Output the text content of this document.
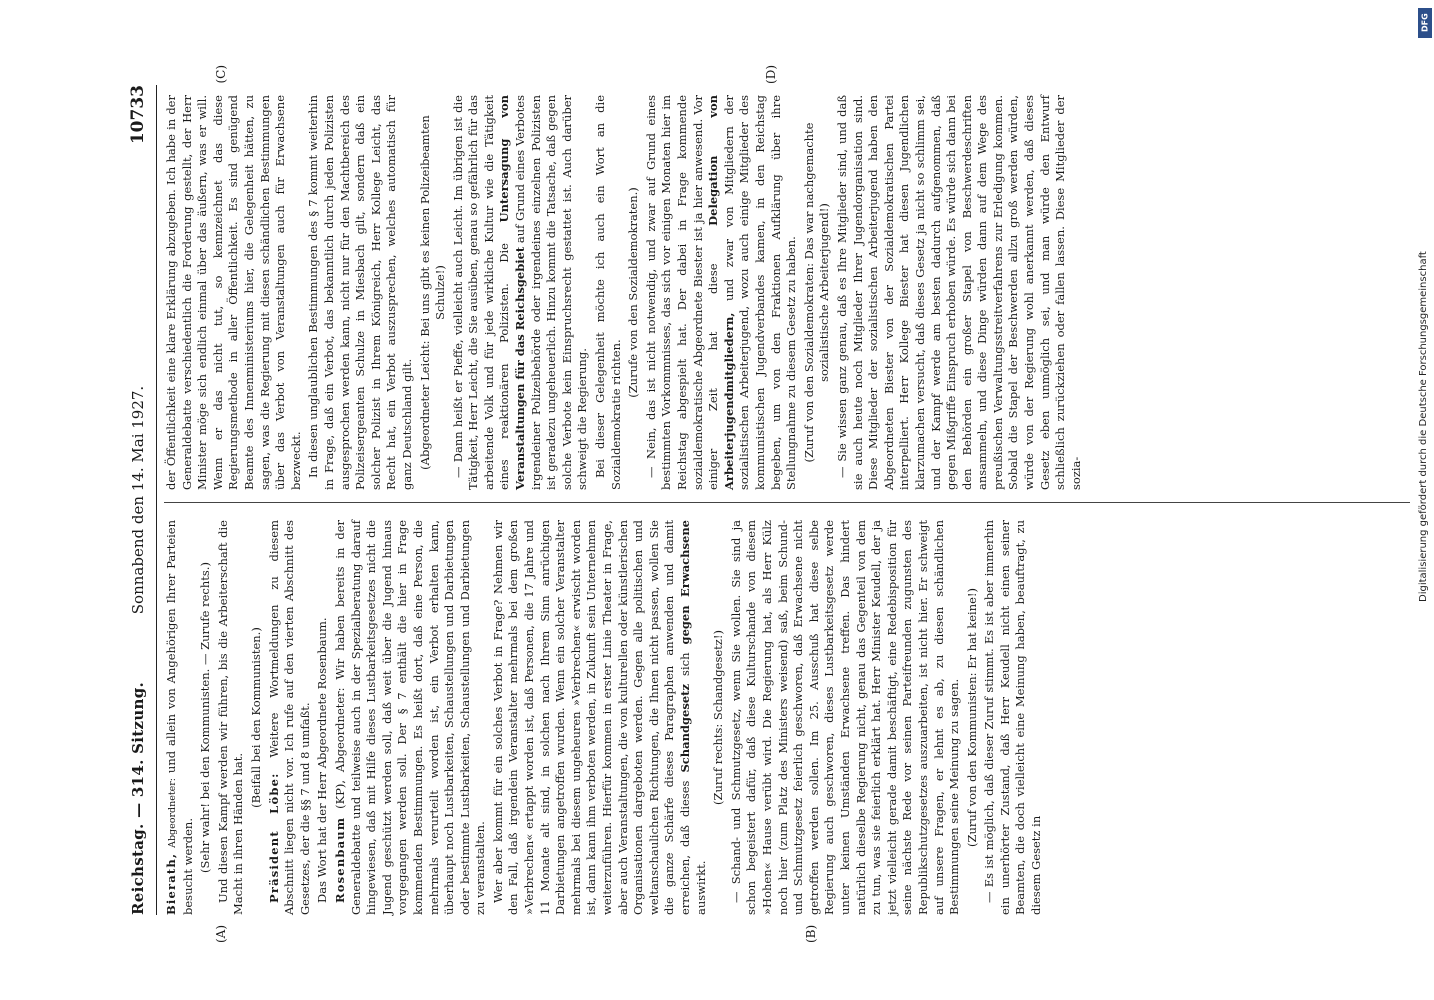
Reichstag. — 314. Sitzung.
Sonnabend den 14. Mai 1927.
10733
(A)	(B)

Bierath, Abgeordneter: und allein von Angehörigen Ihrer Parteien besucht werden. (Sehr wahr! bei den Kommunisten. — Zurufe rechts.) Und diesen Kampf werden wir führen, bis die Arbeiterschaft die Macht in ihren Händen hat.

(Beifall bei den Kommunisten.)

Präsident Löbe: Weitere Wortmeldungen zu diesem Abschnitt liegen nicht vor. Ich rufe auf den vierten Abschnitt des Gesetzes, der die §§ 7 und 8 umfaßt. Das Wort hat der Herr Abgeordnete Rosenbaum. Rosenbaum (KP), Abgeordneter: Wir haben bereits in der Generaldebatte und teilweise auch in der Spezialberatung darauf hingewiesen, daß mit Hilfe dieses Lustbarkeitsgesetzes nicht die Jugend geschützt werden soll, daß weit über die Jugend hinaus vorgegangen werden soll. Der § 7 enthält die hier in Frage kommenden Bestimmungen. Es heißt dort, daß eine Person, die mehrmals verurteilt worden ist, ein Verbot erhalten kann, überhaupt noch Lustbarkeiten, Schaustellungen und Darbietungen oder bestimmte Lustbarkeiten, Schaustellungen und Darbietungen zu veranstalten. Wer aber kommt für ein solches Verbot in Frage? Nehmen wir den Fall, daß irgendein Veranstalter mehrmals bei dem großen »Verbrechen« ertappt worden ist, daß Personen, die 17 Jahre und 11 Monate alt sind, in solchen nach Ihrem Sinn anrüchigen Darbietungen angetroffen wurden. Wenn ein solcher Veranstalter mehrmals bei diesem ungeheuren »Verbrechen« erwischt worden ist, dann kann ihm verboten werden, in Zukunft sein Unternehmen weiterzuführen. Hierfür kommen in erster Linie Theater in Frage, aber auch Veranstaltungen, die von kulturellen oder künstlerischen Organisationen dargeboten werden. Gegen alle politischen und weltanschaulichen Richtungen, die Ihnen nicht passen, wollen Sie die ganze Schärfe dieses Paragraphen anwenden und damit erreichen, daß dieses Schandgesetz sich gegen Erwachsene auswirkt.

(Zuruf rechts: Schandgesetz!) — Schand- und Schmutzgesetz, wenn Sie wollen. Sie sind ja schon begeistert dafür, daß diese Kulturschande von diesem »Hohen« Hause verübt wird. Die Regierung hat, als Herr Külz noch hier (zum Platz des Ministers weisend) saß, beim Schund- und Schmutzgesetz feierlich geschworen, daß Erwachsene nicht getroffen werden sollen. Im 25. Ausschuß hat diese selbe Regierung auch geschworen, dieses Lustbarkeitsgesetz werde unter keinen Umständen Erwachsene treffen. Das hindert natürlich dieselbe Regierung nicht, genau das Gegenteil von dem zu tun, was sie feierlich erklärt hat. Herr Minister Keudell, der ja jetzt vielleicht gerade damit beschäftigt, eine Redebisposition für seine nächste Rede vor seinen Parteifreunden zugunsten des Republikschutzgesetzes auszuarbeiten, ist nicht hier. Er schweigt auf unsere Fragen, er lehnt es ab, zu diesen schändlichen Bestimmungen seine Meinung zu sagen. (Zuruf von den Kommunisten: Er hat keine!) — Es ist möglich, daß dieser Zuruf stimmt. Es ist aber immerhin ein unerhörter Zustand, daß Herr Keudell nicht einen seiner Beamten, die doch vielleicht eine Meinung haben, beauftragt, zu diesem Gesetz in

(C)	(D)

der Öffentlichkeit eine klare Erklärung abzugeben. Ich habe in der Generaldebatte verschiedentlich die Forderung gestellt, der Herr Minister möge sich endlich einmal über das äußern, was er will. Wenn er das nicht tut, so kennzeichnet das diese Regierungsmethode in aller Öffentlichkeit. Es sind genügend Beamte des Innenministeriums hier, die Gelegenheit hätten, zu sagen, was die Regierung mit diesen schändlichen Bestimmungen über das Verbot von Veranstaltungen auch für Erwachsene bezweckt. In diesen unglaublichen Bestimmungen des § 7 kommt weiterhin in Frage, daß ein Verbot, das bekanntlich durch jeden Polizisten ausgesprochen werden kann, nicht nur für den Machtbereich des Polizeisergeanten Schulze in Miesbach gilt, sondern daß ein solcher Polizist in Ihrem Königreich, Herr Kollege Leicht, das Recht hat, ein Verbot auszusprechen, welches automatisch für ganz Deutschland gilt. (Abgeordneter Leicht: Bei uns gibt es keinen Polizeibeamten Schulze!) — Dann heißt er Pieffe, vielleicht auch Leicht. Im übrigen ist die Tätigkeit, Herr Leicht, die Sie ausüben, genau so gefährlich für das arbeitende Volk und für jede wirkliche Kultur wie die Tätigkeit eines reaktionären Polizisten. Die Untersagung von Veranstaltungen für das Reichsgebiet auf Grund eines Verbotes irgendeiner Polizeibehörde oder irgendeines einzelnen Polizisten ist geradezu ungeheuerlich. Hinzu kommt die Tatsache, daß gegen solche Verbote kein Einspruchsrecht gestattet ist. Auch darüber schweigt die Regierung. Bei dieser Gelegenheit möchte ich auch ein Wort an die Sozialdemokratie richten.

(Zurufe von den Sozialdemokraten.) — Nein, das ist nicht notwendig, und zwar auf Grund eines bestimmten Vorkommnisses, das sich vor einigen Monaten hier im Reichstag abgespielt hat. Der dabei in Frage kommende sozialdemokratische Abgeordnete Biester ist ja hier anwesend. Vor einiger Zeit hat diese Delegation von Arbeiterjugendmitgliedern, und zwar von Mitgliedern der sozialistischen Arbeiterjugend, wozu auch einige Mitglieder des kommunistischen Jugendverbandes kamen, in den Reichstag begeben, um von den Fraktionen Aufklärung über ihre Stellungnahme zu diesem Gesetz zu haben. (Zuruf von den Sozialdemokraten: Das war nachgemachte sozialistische Arbeiterjugend!) — Sie wissen ganz genau, daß es Ihre Mitglieder sind, und daß sie auch heute noch Mitglieder Ihrer Jugendorganisation sind. Diese Mitglieder der sozialistischen Arbeiterjugend haben den Abgeordneten Biester von der Sozialdemokratischen Partei interpelliert. Herr Kollege Biester hat diesen Jugendlichen klarzumachen versucht, daß dieses Gesetz ja nicht so schlimm sei, und der Kampf werde am besten dadurch aufgenommen, daß gegen Mißgriffe Einspruch erhoben würde. Es würde sich dann bei den Behörden ein großer Stapel von Beschwerdeschriften ansammeln, und diese Dinge würden dann auf dem Wege des preußischen Verwaltungsstreitverfahrens zur Erledigung kommen. Sobald die Stapel der Beschwerden allzu groß werden würden, würde von der Regierung wohl anerkannt werden, daß dieses Gesetz eben unmöglich sei, und man würde den Entwurf schließlich zurückziehen oder fallen lassen. Diese Mitglieder der sozia-

DFG
Digitalisierung gefördert durch die Deutsche Forschungsgemeinschaft
